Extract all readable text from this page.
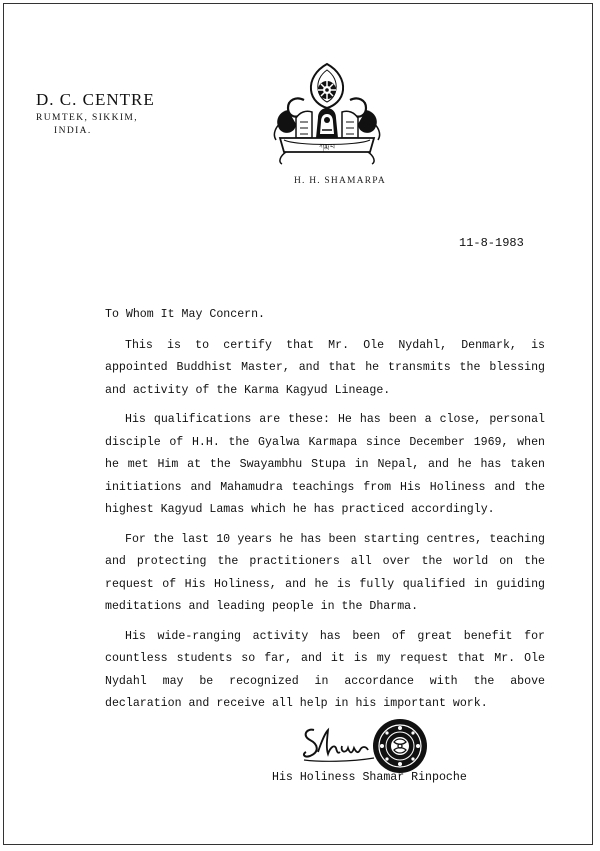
D. C. CENTRE
RUMTEK, SIKKIM,
INDIA.
ཀརྨ་པ
H. H. SHAMARPA
11-8-1983

To Whom It May Concern.

This is to certify that Mr. Ole Nydahl, Denmark, is appointed Buddhist Master, and that he transmits the blessing and activity of the Karma Kagyud Lineage.

His qualifications are these: He has been a close, personal disciple of H.H. the Gyalwa Karmapa since December 1969, when he met Him at the Swayambhu Stupa in Nepal, and he has taken initiations and Mahamudra teachings from His Holiness and the highest Kagyud Lamas which he has practiced accordingly.

For the last 10 years he has been starting centres, teaching and protecting the practitioners all over the world on the request of His Holiness, and he is fully qualified in guiding meditations and leading people in the Dharma.

His wide-ranging activity has been of great benefit for countless students so far, and it is my request that Mr. Ole Nydahl may be recognized in accordance with the above declaration and receive all help in his important work.

His Holiness Shamar Rinpoche
